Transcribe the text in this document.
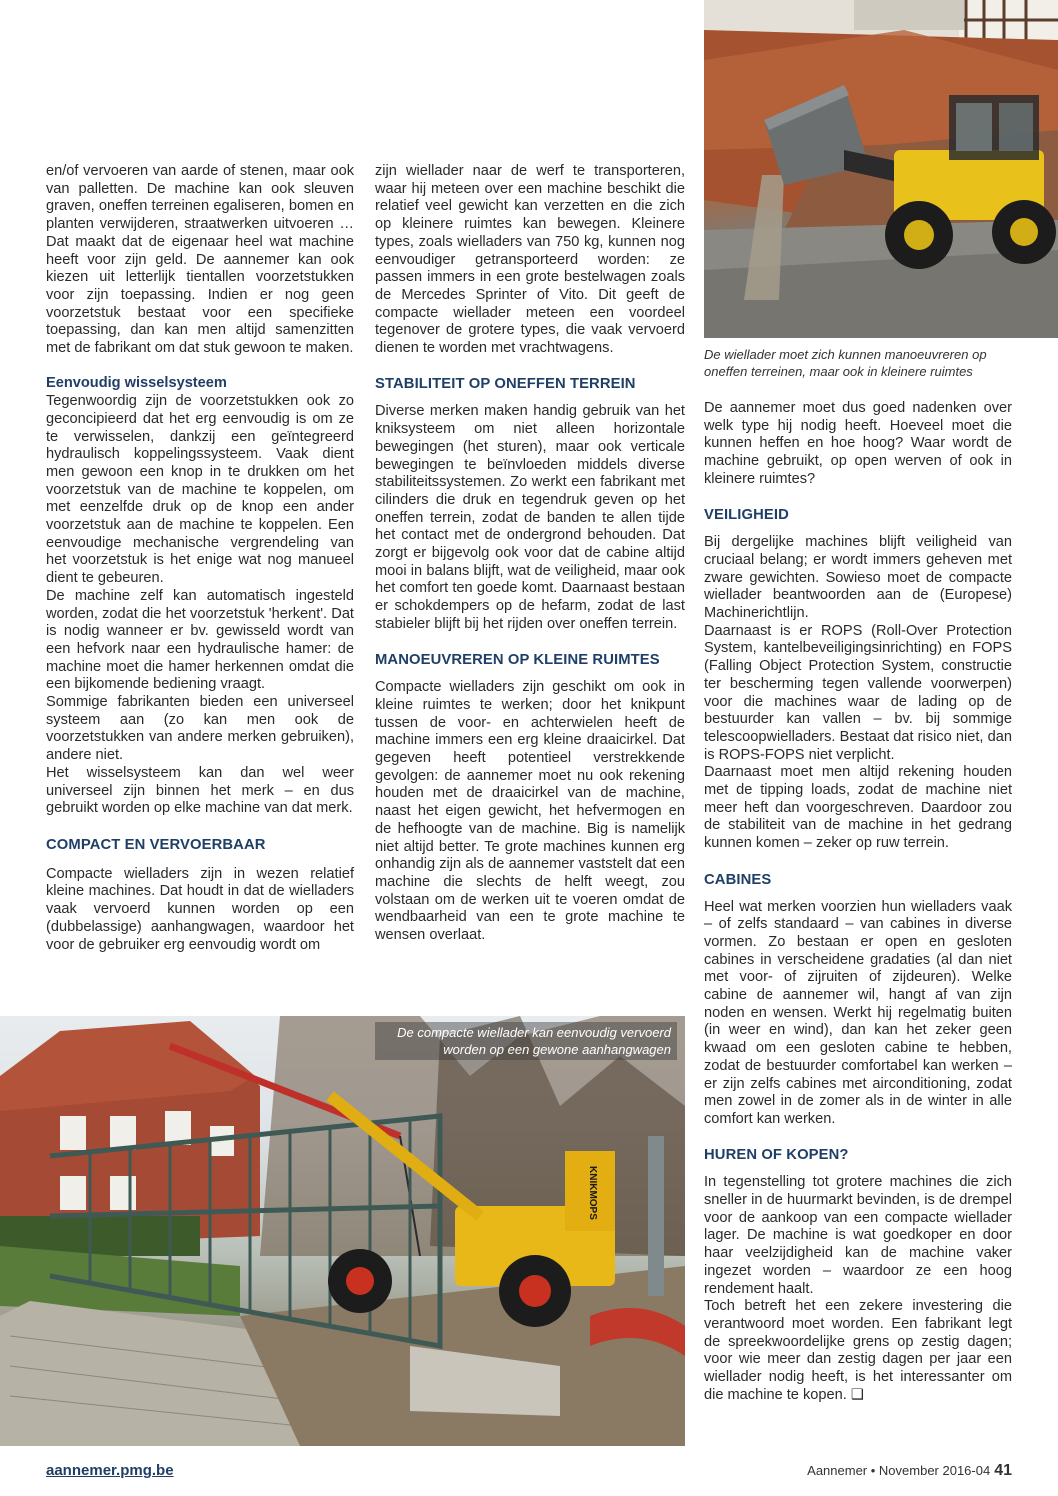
en/of vervoeren van aarde of stenen, maar ook van palletten. De machine kan ook sleuven graven, oneffen terreinen egaliseren, bomen en planten verwijderen, straatwerken uitvoeren … Dat maakt dat de eigenaar heel wat machine heeft voor zijn geld. De aannemer kan ook kiezen uit letterlijk tientallen voorzetstukken voor zijn toepassing. Indien er nog geen voorzetstuk bestaat voor een specifieke toepassing, dan kan men altijd samenzitten met de fabrikant om dat stuk gewoon te maken.

Eenvoudig wisselsysteem

Tegenwoordig zijn de voorzetstukken ook zo geconcipieerd dat het erg eenvoudig is om ze te verwisselen, dankzij een geïntegreerd hydraulisch koppelingssysteem. Vaak dient men gewoon een knop in te drukken om het voorzetstuk van de machine te koppelen, om met eenzelfde druk op de knop een ander voorzetstuk aan de machine te koppelen. Een eenvoudige mechanische vergrendeling van het voorzetstuk is het enige wat nog manueel dient te gebeuren.

De machine zelf kan automatisch ingesteld worden, zodat die het voorzetstuk 'herkent'. Dat is nodig wanneer er bv. gewisseld wordt van een hefvork naar een hydraulische hamer: de machine moet die hamer herkennen omdat die een bijkomende bediening vraagt.

Sommige fabrikanten bieden een universeel systeem aan (zo kan men ook de voorzetstukken van andere merken gebruiken), andere niet.

Het wisselsysteem kan dan wel weer universeel zijn binnen het merk – en dus gebruikt worden op elke machine van dat merk.

COMPACT EN VERVOERBAAR

Compacte wielladers zijn in wezen relatief kleine machines. Dat houdt in dat de wielladers vaak vervoerd kunnen worden op een (dubbelassige) aanhangwagen, waardoor het voor de gebruiker erg eenvoudig wordt om

zijn wiellader naar de werf te transporteren, waar hij meteen over een machine beschikt die relatief veel gewicht kan verzetten en die zich op kleinere ruimtes kan bewegen. Kleinere types, zoals wielladers van 750 kg, kunnen nog eenvoudiger getransporteerd worden: ze passen immers in een grote bestelwagen zoals de Mercedes Sprinter of Vito. Dit geeft de compacte wiellader meteen een voordeel tegenover de grotere types, die vaak vervoerd dienen te worden met vrachtwagens.

STABILITEIT OP ONEFFEN TERREIN

Diverse merken maken handig gebruik van het kniksysteem om niet alleen horizontale bewegingen (het sturen), maar ook verticale bewegingen te beïnvloeden middels diverse stabiliteitssystemen. Zo werkt een fabrikant met cilinders die druk en tegendruk geven op het oneffen terrein, zodat de banden te allen tijde het contact met de ondergrond behouden. Dat zorgt er bijgevolg ook voor dat de cabine altijd mooi in balans blijft, wat de veiligheid, maar ook het comfort ten goede komt. Daarnaast bestaan er schokdempers op de hefarm, zodat de last stabieler blijft bij het rijden over oneffen terrein.

MANOEUVREREN OP KLEINE RUIMTES

Compacte wielladers zijn geschikt om ook in kleine ruimtes te werken; door het knikpunt tussen de voor- en achterwielen heeft de machine immers een erg kleine draaicirkel. Dat gegeven heeft potentieel verstrekkende gevolgen: de aannemer moet nu ook rekening houden met de draaicirkel van de machine, naast het eigen gewicht, het hefvermogen en de hefhoogte van de machine. Big is namelijk niet altijd better. Te grote machines kunnen erg onhandig zijn als de aannemer vaststelt dat een machine die slechts de helft weegt, zou volstaan om de werken uit te voeren omdat de wendbaarheid van een te grote machine te wensen overlaat.

De wiellader moet zich kunnen manoeuvreren op oneffen terreinen, maar ook in kleinere ruimtes

De aannemer moet dus goed nadenken over welk type hij nodig heeft. Hoeveel moet die kunnen heffen en hoe hoog? Waar wordt de machine gebruikt, op open werven of ook in kleinere ruimtes?

VEILIGHEID

Bij dergelijke machines blijft veiligheid van cruciaal belang; er wordt immers geheven met zware gewichten. Sowieso moet de compacte wiellader beantwoorden aan de (Europese) Machinerichtlijn.

Daarnaast is er ROPS (Roll-Over Protection System, kantelbeveiligingsinrichting) en FOPS (Falling Object Protection System, constructie ter bescherming tegen vallende voorwerpen) voor die machines waar de lading op de bestuurder kan vallen – bv. bij sommige telescoopwielladers. Bestaat dat risico niet, dan is ROPS-FOPS niet verplicht.

Daarnaast moet men altijd rekening houden met de tipping loads, zodat de machine niet meer heft dan voorgeschreven. Daardoor zou de stabiliteit van de machine in het gedrang kunnen komen – zeker op ruw terrein.

CABINES

Heel wat merken voorzien hun wielladers vaak – of zelfs standaard – van cabines in diverse vormen. Zo bestaan er open en gesloten cabines in verscheidene gradaties (al dan niet met voor- of zijruiten of zijdeuren). Welke cabine de aannemer wil, hangt af van zijn noden en wensen. Werkt hij regelmatig buiten (in weer en wind), dan kan het zeker geen kwaad om een gesloten cabine te hebben, zodat de bestuurder comfortabel kan werken – er zijn zelfs cabines met airconditioning, zodat men zowel in de zomer als in de winter in alle comfort kan werken.

HUREN OF KOPEN?

In tegenstelling tot grotere machines die zich sneller in de huurmarkt bevinden, is de drempel voor de aankoop van een compacte wiellader lager. De machine is wat goedkoper en door haar veelzijdigheid kan de machine vaker ingezet worden – waardoor ze een hoog rendement haalt.

Toch betreft het een zekere investering die verantwoord moet worden. Een fabrikant legt de spreekwoordelijke grens op zestig dagen; voor wie meer dan zestig dagen per jaar een wiellader nodig heeft, is het interessanter om die machine te kopen. ❑

KNIKMOPS
De compacte wiellader kan eenvoudig vervoerd worden op een gewone aanhangwagen
aannemer.pmg.be	Aannemer • November 2016-04 41
